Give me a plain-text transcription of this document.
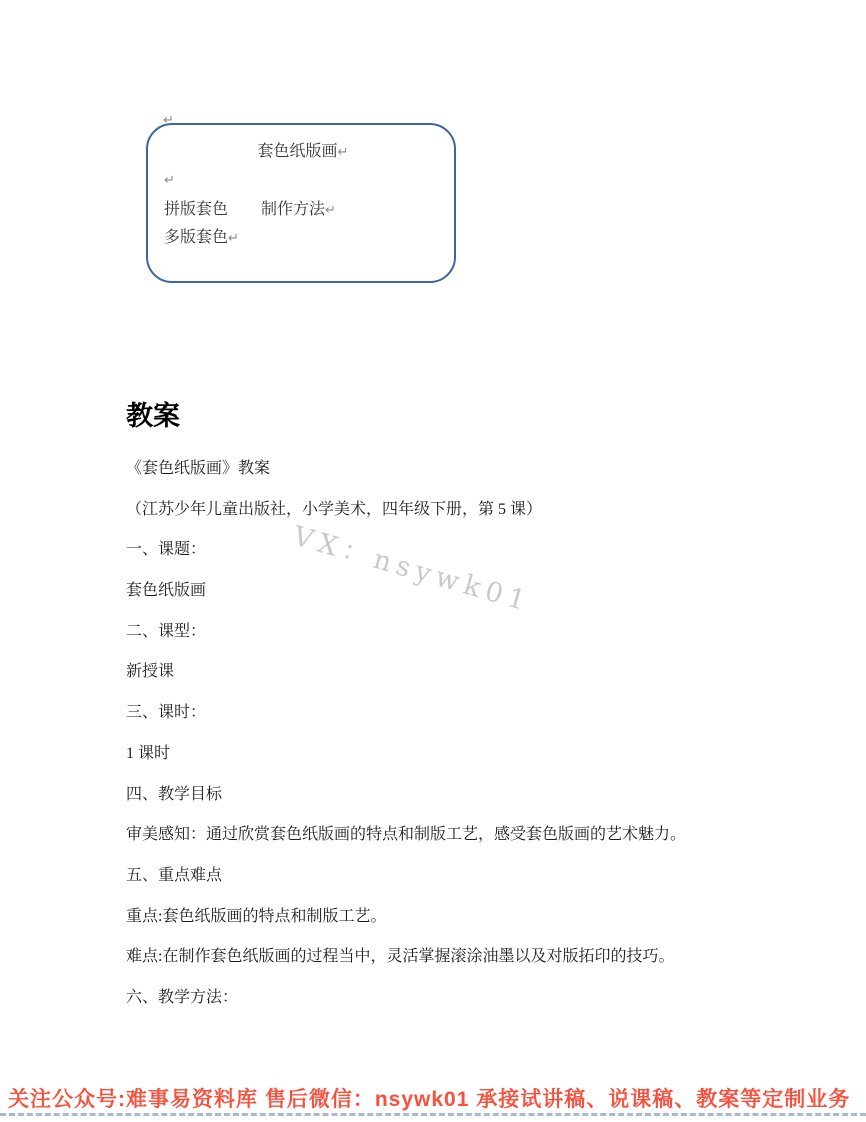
↵
套色纸版画↵
↵
拼版套色 制作方法↵
多版套色↵
VX：nsywk01
教案

《套色纸版画》教案

（江苏少年儿童出版社，小学美术，四年级下册，第 5 课）

一、课题：

套色纸版画

二、课型：

新授课

三、课时：

1 课时

四、教学目标

审美感知：通过欣赏套色纸版画的特点和制版工艺，感受套色版画的艺术魅力。

五、重点难点

重点:套色纸版画的特点和制版工艺。

难点:在制作套色纸版画的过程当中，灵活掌握滚涂油墨以及对版拓印的技巧。

六、教学方法：

关注公众号:难事易资料库 售后微信：nsywk01 承接试讲稿、说课稿、教案等定制业务
